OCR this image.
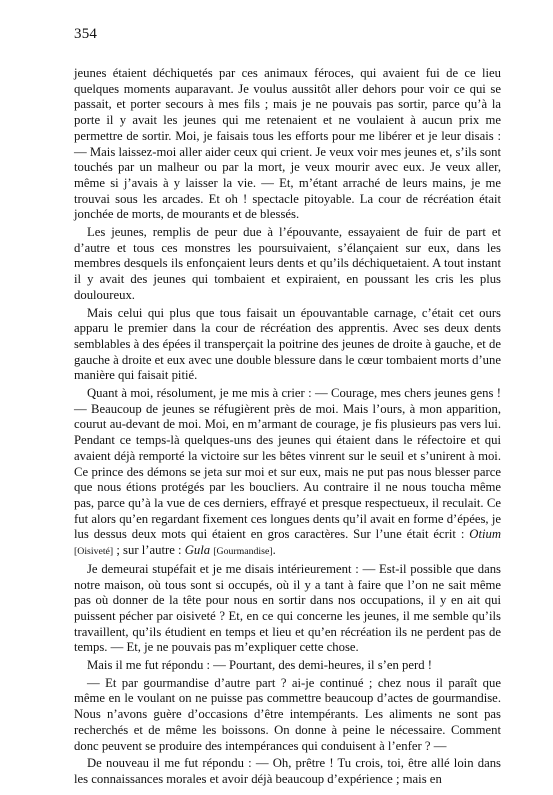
354

jeunes étaient déchiquetés par ces animaux féroces, qui avaient fui de ce lieu quelques moments auparavant. Je voulus aussitôt aller dehors pour voir ce qui se passait, et porter secours à mes fils ; mais je ne pouvais pas sortir, parce qu’à la porte il y avait les jeunes qui me retenaient et ne voulaient à aucun prix me permettre de sortir. Moi, je faisais tous les efforts pour me libérer et je leur disais : — Mais laissez-moi aller aider ceux qui crient. Je veux voir mes jeunes et, s’ils sont touchés par un malheur ou par la mort, je veux mourir avec eux. Je veux aller, même si j’avais à y laisser la vie. — Et, m’étant arraché de leurs mains, je me trouvai sous les arcades. Et oh ! spectacle pitoyable. La cour de récréation était jonchée de morts, de mourants et de blessés.

Les jeunes, remplis de peur due à l’épouvante, essayaient de fuir de part et d’autre et tous ces monstres les poursuivaient, s’élançaient sur eux, dans les membres desquels ils enfonçaient leurs dents et qu’ils déchiquetaient. A tout instant il y avait des jeunes qui tombaient et expiraient, en poussant les cris les plus douloureux.

Mais celui qui plus que tous faisait un épouvantable carnage, c’était cet ours apparu le premier dans la cour de récréation des apprentis. Avec ses deux dents semblables à des épées il transperçait la poitrine des jeunes de droite à gauche, et de gauche à droite et eux avec une double blessure dans le cœur tombaient morts d’une manière qui faisait pitié.

Quant à moi, résolument, je me mis à crier : — Courage, mes chers jeunes gens ! — Beaucoup de jeunes se réfugièrent près de moi. Mais l’ours, à mon apparition, courut au-devant de moi. Moi, en m’armant de courage, je fis plusieurs pas vers lui. Pendant ce temps-là quelques-uns des jeunes qui étaient dans le réfectoire et qui avaient déjà remporté la victoire sur les bêtes vinrent sur le seuil et s’unirent à moi. Ce prince des démons se jeta sur moi et sur eux, mais ne put pas nous blesser parce que nous étions protégés par les boucliers. Au contraire il ne nous toucha même pas, parce qu’à la vue de ces derniers, effrayé et presque respectueux, il reculait. Ce fut alors qu’en regardant fixement ces longues dents qu’il avait en forme d’épées, je lus dessus deux mots qui étaient en gros caractères. Sur l’une était écrit : Otium [Oisiveté] ; sur l’autre : Gula [Gourmandise].

Je demeurai stupéfait et je me disais intérieurement : — Est-il possible que dans notre maison, où tous sont si occupés, où il y a tant à faire que l’on ne sait même pas où donner de la tête pour nous en sortir dans nos occupations, il y en ait qui puissent pécher par oisiveté ? Et, en ce qui concerne les jeunes, il me semble qu’ils travaillent, qu’ils étudient en temps et lieu et qu’en récréation ils ne perdent pas de temps. — Et, je ne pouvais pas m’expliquer cette chose.

Mais il me fut répondu : — Pourtant, des demi-heures, il s’en perd !

— Et par gourmandise d’autre part ? ai-je continué ; chez nous il paraît que même en le voulant on ne puisse pas commettre beaucoup d’actes de gourmandise. Nous n’avons guère d’occasions d’être intempérants. Les aliments ne sont pas recherchés et de même les boissons. On donne à peine le nécessaire. Comment donc peuvent se produire des intempérances qui conduisent à l’enfer ? —

De nouveau il me fut répondu : — Oh, prêtre ! Tu crois, toi, être allé loin dans les connaissances morales et avoir déjà beaucoup d’expérience ; mais en
